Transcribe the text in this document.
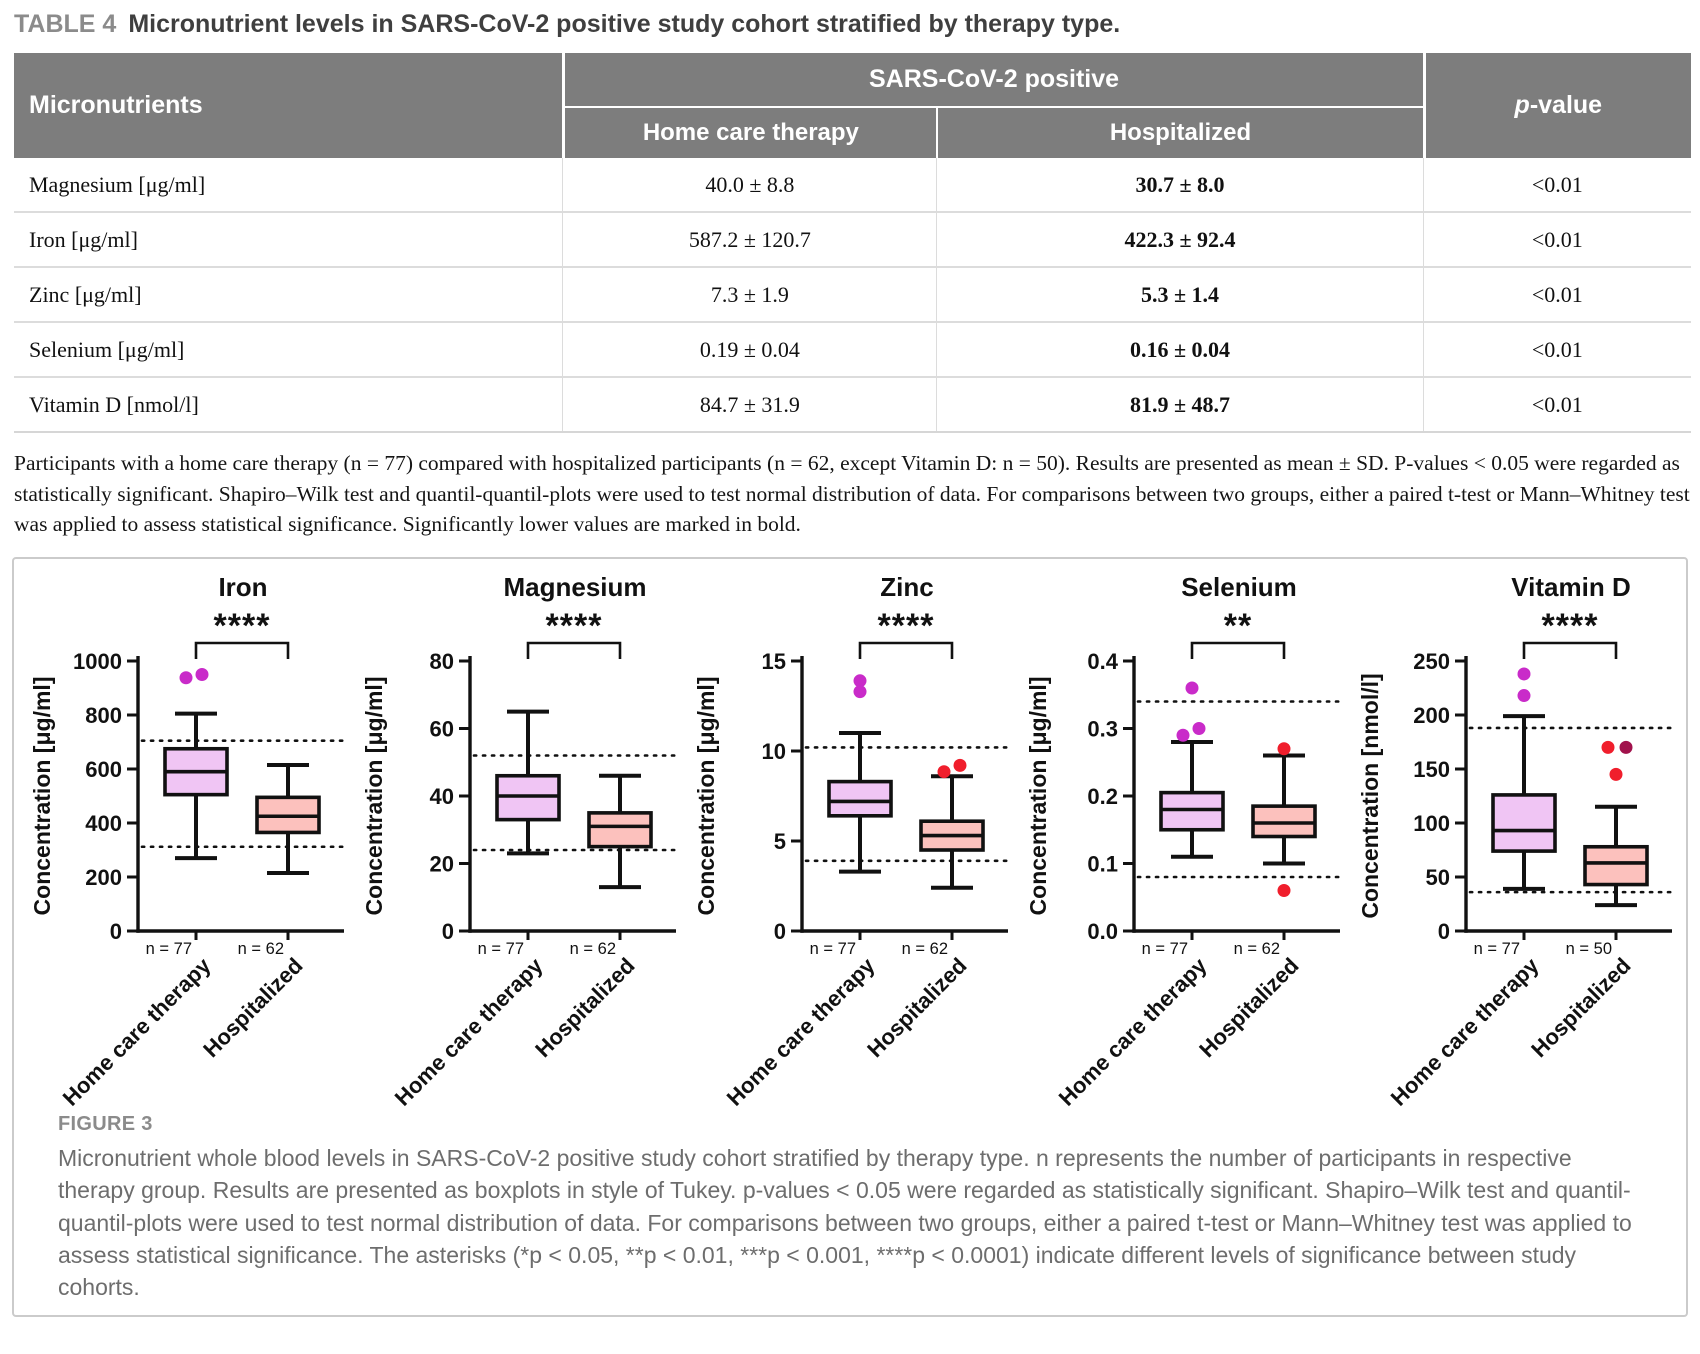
TABLE 4 Micronutrient levels in SARS-CoV-2 positive study cohort stratified by therapy type.
Micronutrients
SARS-CoV-2 positive
p -value
Home care therapy	Hospitalized
Magnesium [μg/ml]	40.0 ± 8.8	30.7 ± 8.0	<0.01
Iron [μg/ml]	587.2 ± 120.7	422.3 ± 92.4	<0.01
Zinc [μg/ml]	7.3 ± 1.9	5.3 ± 1.4	<0.01
Selenium [μg/ml]	0.19 ± 0.04	0.16 ± 0.04	<0.01
Vitamin D [nmol/l]	84.7 ± 31.9	81.9 ± 48.7	<0.01
Participants with a home care therapy (n = 77) compared with hospitalized participants (n = 62, except Vitamin D: n = 50). Results are presented as mean ± SD. P-values < 0.05 were regarded as statistically significant. Shapiro–Wilk test and quantil-quantil-plots were used to test normal distribution of data. For comparisons between two groups, either a paired t-test or Mann–Whitney test was applied to assess statistical significance. Significantly lower values are marked in bold.
Iron
****
0
200
400
600
800
1000
Concentration [μg/ml]
n = 77
Home care therapy
n = 62
Hospitalized
Magnesium
****
0
20
40
60
80
Concentration [μg/ml]
n = 77
Home care therapy
n = 62
Hospitalized
Zinc
****
0
5
10
15
Concentration [μg/ml]
n = 77
Home care therapy
n = 62
Hospitalized
Selenium
**
0.0
0.1
0.2
0.3
0.4
Concentration [μg/ml]
n = 77
Home care therapy
n = 62
Hospitalized
Vitamin D
****
0
50
100
150
200
250
Concentration [nmol/l]
n = 77
Home care therapy
n = 50
Hospitalized
FIGURE 3
Micronutrient whole blood levels in SARS-CoV-2 positive study cohort stratified by therapy type. n represents the number of participants in respective therapy group. Results are presented as boxplots in style of Tukey. p-values < 0.05 were regarded as statistically significant. Shapiro–Wilk test and quantil-quantil-plots were used to test normal distribution of data. For comparisons between two groups, either a paired t-test or Mann–Whitney test was applied to assess statistical significance. The asterisks (*p < 0.05, **p < 0.01, ***p < 0.001, ****p < 0.0001) indicate different levels of significance between study cohorts.
